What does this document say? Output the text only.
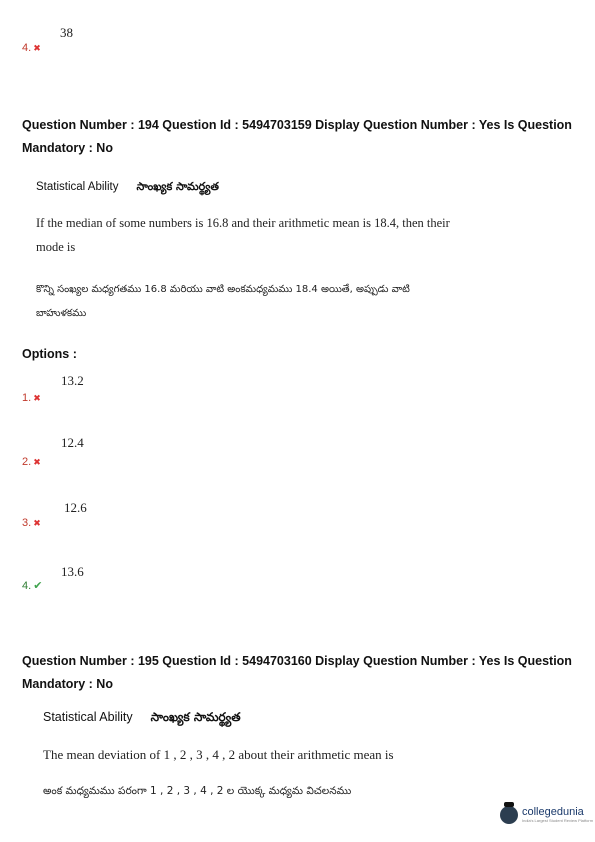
4. ✖
38
Question Number : 194 Question Id : 5494703159 Display Question Number : Yes Is Question
Mandatory : No
Statistical Ability సాంఖ్యక సామర్థ్యత
If the median of some numbers is 16.8 and their arithmetic mean is 18.4, then their
mode is
కొన్ని సంఖ్యల మధ్యగతము 16.8 మరియు వాటి అంకమధ్యమము 18.4 అయితే, అప్పుడు వాటి
బాహుళకము
Options :
1. ✖
13.2
2. ✖
12.4
3. ✖
12.6
4. ✔
13.6
Question Number : 195 Question Id : 5494703160 Display Question Number : Yes Is Question
Mandatory : No
Statistical Ability సాంఖ్యక సామర్థ్యత
The mean deviation of 1 , 2 , 3 , 4 , 2 about their arithmetic mean is
అంక మధ్యమము పరంగా 1 , 2 , 3 , 4 , 2 ల యొక్క మధ్యమ విచలనము
collegedunia
India's Largest Student Review Platform
